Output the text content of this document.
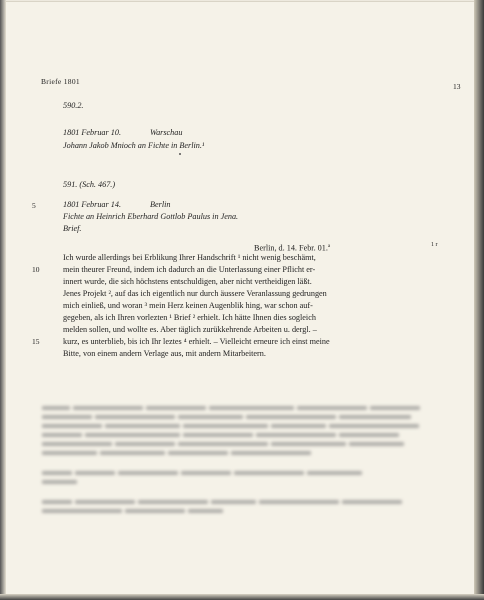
Briefe 1801
13
590.2.
1801 Februar 10.	Warschau
Johann Jakob Mnioch an Fichte in Berlin.¹
591. (Sch. 467.)
5	1801 Februar 14.	Berlin
Fichte an Heinrich Eberhard Gottlob Paulus in Jena.
Brief.
Berlin, d. 14. Febr. 01.$^a$	1 r
Ich wurde allerdings bei Erblikung Ihrer Handschrift ¹ nicht wenig beschämt,
10	mein theurer Freund, indem ich dadurch an die Unterlassung einer Pflicht er-
innert wurde, die sich höchstens entschuldigen, aber nicht vertheidigen läßt.
Jenes Projekt ², auf das ich eigentlich nur durch äussere Veranlassung gedrungen
mich einließ, und woran ³ mein Herz keinen Augenblik hing, war schon auf-
gegeben, als ich Ihren vorlezten ¹ Brief ² erhielt. Ich hätte Ihnen dies sogleich
melden sollen, und wollte es. Aber täglich zurükkehrende Arbeiten u. dergl. –
15	kurz, es unterblieb, bis ich Ihr leztes ⁴ erhielt. – Vielleicht erneure ich einst meine
Bitte, von einem andern Verlage aus, mit andern Mitarbeitern.
